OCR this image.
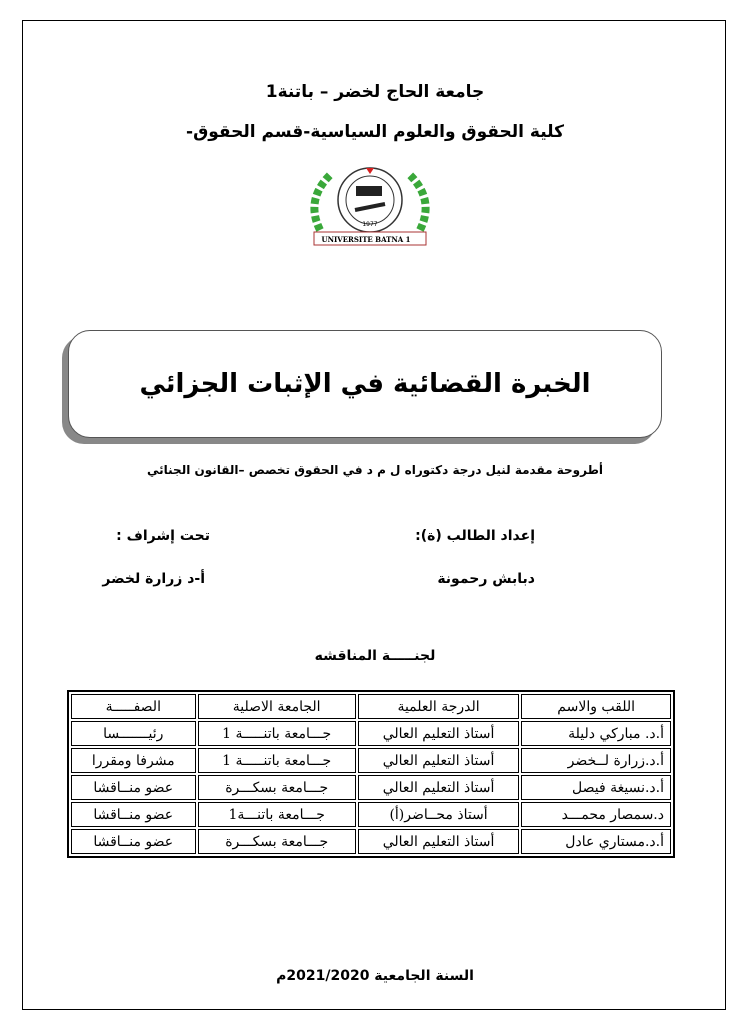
جامعة الحاج لخضر – باتنة1
كلية الحقوق والعلوم السياسية-قسم الحقوق-
1977
UNIVERSITE BATNA 1
الخبرة القضائية في الإثبات الجزائي
أطروحة مقدمة لنيل درجة دكتوراه ل م د في الحقوق تخصص –القانون الجنائي
إعداد الطالب (ة):
تحت إشراف :
دبابش رحمونة
أ-د زرارة لخضر
لجنـــــة المناقشه
اللقب والاسم	الدرجة العلمية	الجامعة الاصلية	الصفـــــة
أ.د. مباركي دليلة	أستاذ التعليم العالي	جـــامعة باتنـــــة 1	رئيـــــــسا
أ.د.زرارة لــخضر	أستاذ التعليم العالي	جـــامعة باتنـــــة 1	مشرفا ومقررا
أ.د.نسيغة فيصل	أستاذ التعليم العالي	جـــامعة بسكـــرة	عضو منــاقشا
د.سمصار محمـــد	أستاذ محــاضر(أ)	جـــامعة باتنـــة1	عضو منــاقشا
أ.د.مستاري عادل	أستاذ التعليم العالي	جـــامعة بسكـــرة	عضو منــاقشا
السنة الجامعية 2021/2020م
